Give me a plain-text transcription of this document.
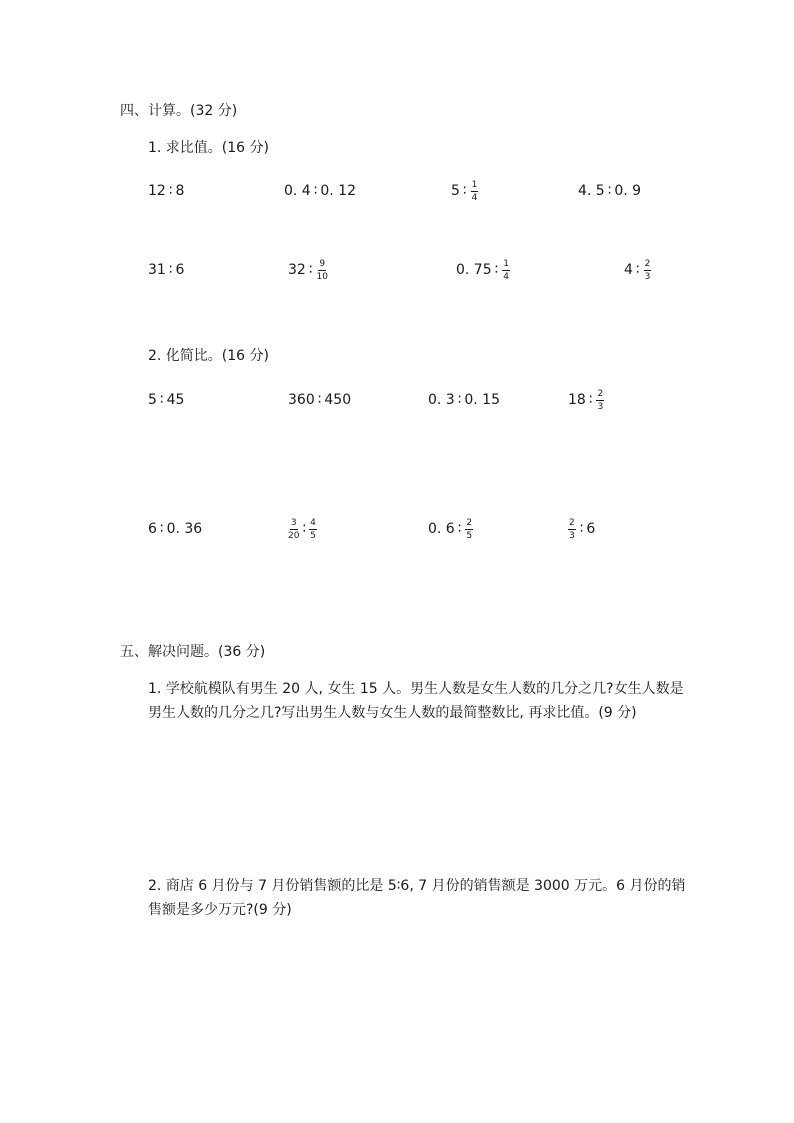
四、计算。(32 分)
1. 求比值。(16 分)
12 ∶ 8	0. 4 ∶ 0. 12	5 ∶ $\frac{1}{4}$	4. 5 ∶ 0. 9
31 ∶ 6	32 ∶ $\frac{9}{10}$	0. 75 ∶ $\frac{1}{4}$	4 ∶ $\frac{2}{3}$
2. 化简比。(16 分)
5 ∶ 45	360 ∶ 450	0. 3 ∶ 0. 15	18 ∶ $\frac{2}{3}$
6 ∶ 0. 36	$\frac{3}{20}$ ∶ $\frac{4}{5}$	0. 6 ∶ $\frac{2}{5}$	$\frac{2}{3}$ ∶ 6
五、解决问题。(36 分)
1. 学校航模队有男生 20 人, 女生 15 人。男生人数是女生人数的几分之几?女生人数是男生人数的几分之几?写出男生人数与女生人数的最简整数比, 再求比值。(9 分)
2. 商店 6 月份与 7 月份销售额的比是 5∶6, 7 月份的销售额是 3000 万元。6 月份的销售额是多少万元?(9 分)
